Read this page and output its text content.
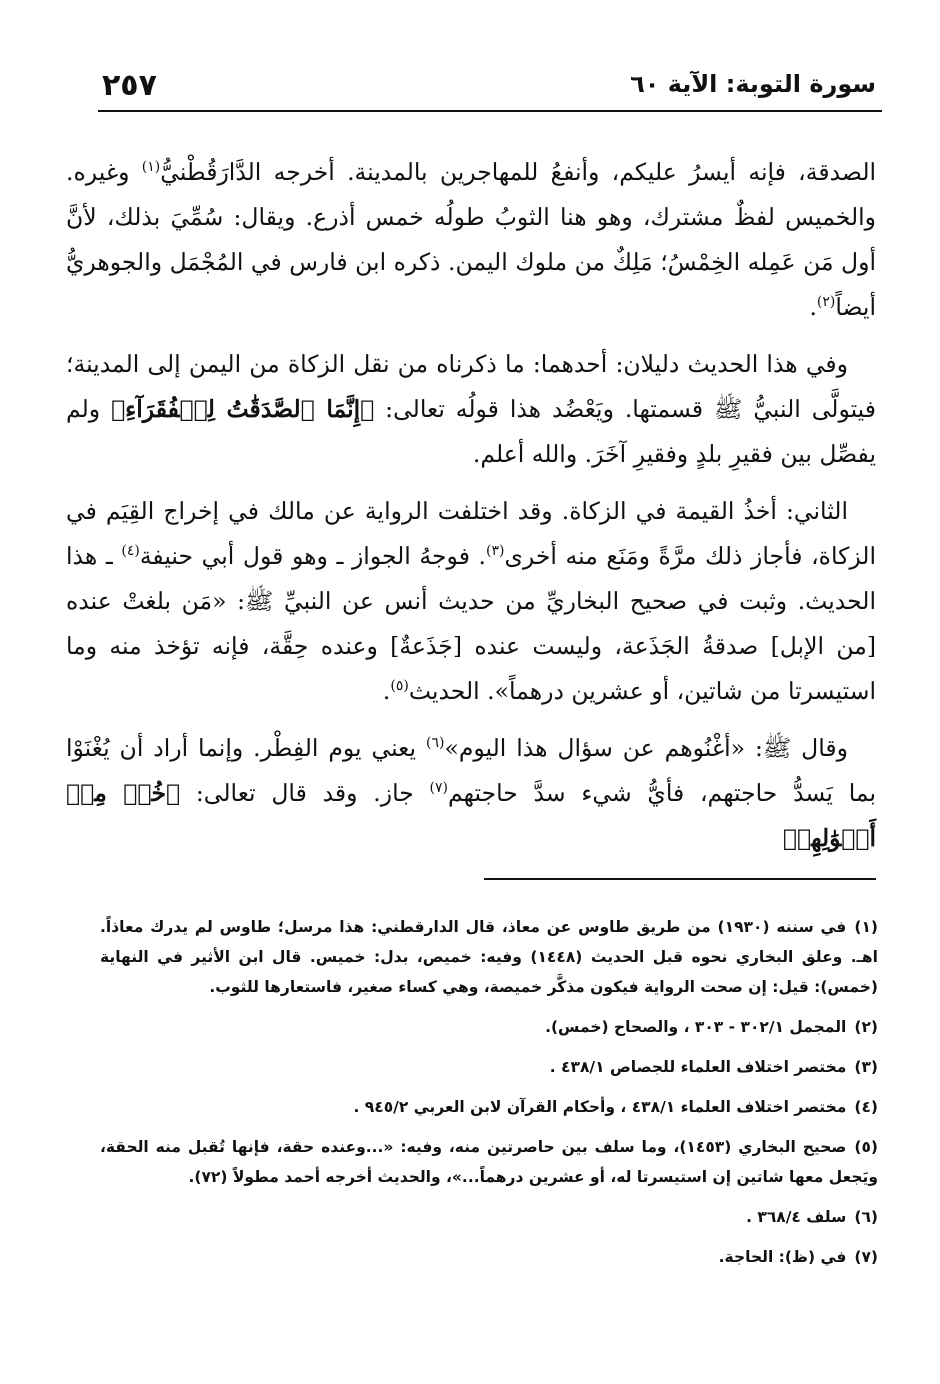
سورة التوبة: الآية ٦٠
٢٥٧

الصدقة، فإنه أيسرُ عليكم، وأنفعُ للمهاجرين بالمدينة. أخرجه الدَّارَقُطْنيُّ$^{(١)}$ وغيره. والخميس لفظٌ مشترك، وهو هنا الثوبُ طولُه خمس أذرع. ويقال: سُمِّيَ بذلك، لأنَّ أول مَن عَمِله الخِمْسُ؛ مَلِكٌ من ملوك اليمن. ذكره ابن فارس في المُجْمَل والجوهريُّ أيضاً$^{(٢)}$.

وفي هذا الحديث دليلان: أحدهما: ما ذكرناه من نقل الزكاة من اليمن إلى المدينة؛ فيتولَّى النبيُّ ﷺ قسمتها. ويَعْضُد هذا قولُه تعالى: ﴿إِنَّمَا ٱلصَّدَقَٰتُ لِلۡفُقَرَآءِ﴾ ولم يفصِّل بين فقيرِ بلدٍ وفقيرِ آخَرَ. والله أعلم.

الثاني: أخذُ القيمة في الزكاة. وقد اختلفت الرواية عن مالك في إخراج القِيَم في الزكاة، فأجاز ذلك مرَّةً ومَنَع منه أخرى$^{(٣)}$. فوجهُ الجواز ـ وهو قول أبي حنيفة$^{(٤)}$ ـ هذا الحديث. وثبت في صحيح البخاريِّ من حديث أنس عن النبيِّ ﷺ: «مَن بلغتْ عنده [من الإبل] صدقةُ الجَذَعة، وليست عنده [جَذَعةٌ] وعنده حِقَّة، فإنه تؤخذ منه وما استيسرتا من شاتين، أو عشرين درهماً». الحديث$^{(٥)}$.

وقال ﷺ: «أغْنُوهم عن سؤال هذا اليوم»$^{(٦)}$ يعني يوم الفِطْر. وإنما أراد أن يُغْنَوْا بما يَسدُّ حاجتهم، فأيُّ شيء سدَّ حاجتهم$^{(٧)}$ جاز. وقد قال تعالى: ﴿خُذۡ مِنۡ أَمۡوَٰلِهِمۡ

(١)في سننه (١٩٣٠) من طريق طاوس عن معاذ، قال الدارقطني: هذا مرسل؛ طاوس لم يدرك معاذاً. اهـ. وعلق البخاري نحوه قبل الحديث (١٤٤٨) وفيه: خميص، بدل: خميس. قال ابن الأثير في النهاية (خمس): قيل: إن صحت الرواية فيكون مذكَّر خميصة، وهي كساء صغير، فاستعارها للثوب.

(٢)المجمل ٣٠٢/١ - ٣٠٣ ، والصحاح (خمس).

(٣)مختصر اختلاف العلماء للجصاص ٤٣٨/١ .

(٤)مختصر اختلاف العلماء ٤٣٨/١ ، وأحكام القرآن لابن العربي ٩٤٥/٢ .

(٥)صحيح البخاري (١٤٥٣)، وما سلف بين حاصرتين منه، وفيه: «...وعنده حقة، فإنها تُقبل منه الحقة، ويَجعل معها شاتين إن استيسرتا له، أو عشرين درهماً...»، والحديث أخرجه أحمد مطولاً (٧٢).

(٦)سلف ٣٦٨/٤ .

(٧)في (ظ): الحاجة.
